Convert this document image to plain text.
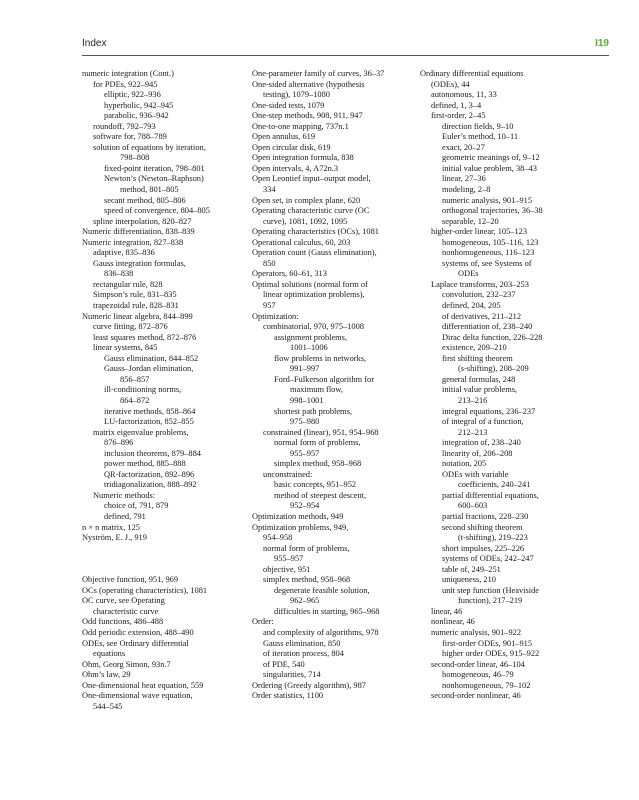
Index	I19
numeric integration (Cont.)
for PDEs, 922–945
elliptic, 922–936
hyperbolic, 942–945
parabolic, 936–942
roundoff, 792–793
software for, 788–789
solution of equations by iteration,
798–808
fixed-point iteration, 798–801
Newton’s (Newton–Raphson)
method, 801–805
secant method, 805–806
speed of convergence, 804–805
spline interpolation, 820–827
Numeric differentiation, 838–839
Numeric integration, 827–838
adaptive, 835–836
Gauss integration formulas,
836–838
rectangular rule, 828
Simpson’s rule, 831–835
trapezoidal rule, 828–831
Numeric linear algebra, 844–899
curve fitting, 872–876
least squares method, 872–876
linear systems, 845
Gauss elimination, 844–852
Gauss–Jordan elimination,
856–857
ill-conditioning norms,
864–872
iterative methods, 858–864
LU-factorization, 852–855
matrix eigenvalue problems,
876–896
inclusion theorems, 879–884
power method, 885–888
QR-factorization, 892–896
tridiagonalization, 888–892
Numeric methods:
choice of, 791, 879
defined, 791
n × n matrix, 125
Nyström, E. J., 919
Objective function, 951, 969
OCs (operating characteristics), 1081
OC curve, see Operating
characteristic curve
Odd functions, 486–488
Odd periodic extension, 488–490
ODEs, see Ordinary differential
equations
Ohm, Georg Simon, 93n.7
Ohm’s law, 29
One-dimensional heat equation, 559
One-dimensional wave equation,
544–545
One-parameter family of curves, 36–37
One-sided alternative (hypothesis
testing), 1079–1080
One-sided tests, 1079
One-step methods, 908, 911, 947
One-to-one mapping, 737n.1
Open annulus, 619
Open circular disk, 619
Open integration formula, 838
Open intervals, 4, A72n.3
Open Leontief input–output model,
334
Open set, in complex plane, 620
Operating characteristic curve (OC
curve), 1081, 1092, 1095
Operating characteristics (OCs), 1081
Operational calculus, 60, 203
Operation count (Gauss elimination),
850
Operators, 60–61, 313
Optimal solutions (normal form of
linear optimization problems),
957
Optimization:
combinatorial, 970, 975–1008
assignment problems,
1001–1006
flow problems in networks,
991–997
Ford–Fulkerson algorithm for
maximum flow,
998–1001
shortest path problems,
975–980
constrained (linear), 951, 954–968
normal form of problems,
955–957
simplex method, 958–968
unconstrained:
basic concepts, 951–952
method of steepest descent,
952–954
Optimization methods, 949
Optimization problems, 949,
954–958
normal form of problems,
955–957
objective, 951
simplex method, 958–968
degenerate feasible solution,
962–965
difficulties in starting, 965–968
Order:
and complexity of algorithms, 978
Gauss elimination, 850
of iteration process, 804
of PDE, 540
singularities, 714
Ordering (Greedy algorithm), 987
Order statistics, 1100
Ordinary differential equations
(ODEs), 44
autonomous, 11, 33
defined, 1, 3–4
first-order, 2–45
direction fields, 9–10
Euler’s method, 10–11
exact, 20–27
geometric meanings of, 9–12
initial value problem, 38–43
linear, 27–36
modeling, 2–8
numeric analysis, 901–915
orthogonal trajectories, 36–38
separable, 12–20
higher-order linear, 105–123
homogeneous, 105–116, 123
nonhomogeneous, 116–123
systems of, see Systems of
ODEs
Laplace transforms, 203–253
convolution, 232–237
defined, 204, 205
of derivatives, 211–212
differentiation of, 238–240
Dirac delta function, 226–228
existence, 209–210
first shifting theorem
(s-shifting), 208–209
general formulas, 248
initial value problems,
213–216
integral equations, 236–237
of integral of a function,
212–213
integration of, 238–240
linearity of, 206–208
notation, 205
ODEs with variable
coefficients, 240–241
partial differential equations,
600–603
partial fractions, 228–230
second shifting theorem
(t-shifting), 219–223
short impulses, 225–226
systems of ODEs, 242–247
table of, 249–251
uniqueness, 210
unit step function (Heaviside
function), 217–219
linear, 46
nonlinear, 46
numeric analysis, 901–922
first-order ODEs, 901–915
higher order ODEs, 915–922
second-order linear, 46–104
homogeneous, 46–79
nonhomogeneous, 79–102
second-order nonlinear, 46
